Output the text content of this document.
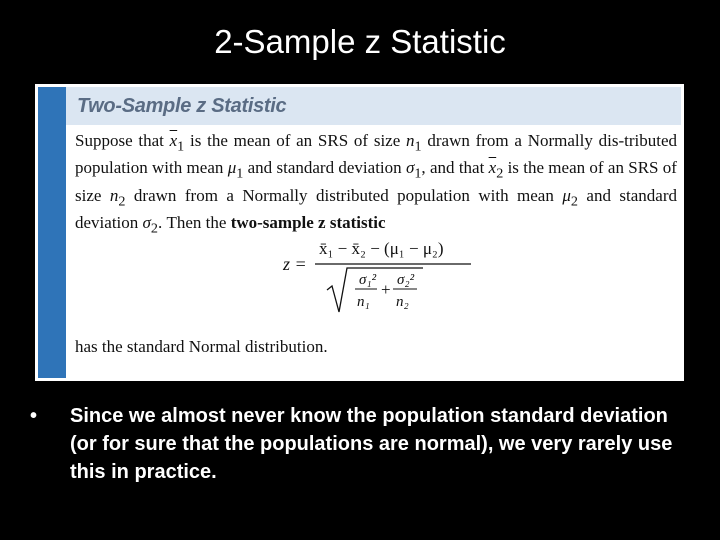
2-Sample z Statistic
Two-Sample z Statistic

Suppose that $\overline{x}_1$ is the mean of an SRS of size $n_1$ drawn from a Normally dis-tributed population with mean $\mu_1$ and standard deviation $\sigma_1$, and that $\overline{x}_2$ is the mean of an SRS of size $n_2$ drawn from a Normally distributed population with mean $\mu_2$ and standard deviation $\sigma_2$. Then the two-sample z statistic

z =
x̄₁ − x̄₂ − (μ₁ − μ₂)
σ₁²
n₁
+ σ₂²
n₂
has the standard Normal distribution.
• Since we almost never know the population standard deviation (or for sure that the populations are normal), we very rarely use this in practice.
